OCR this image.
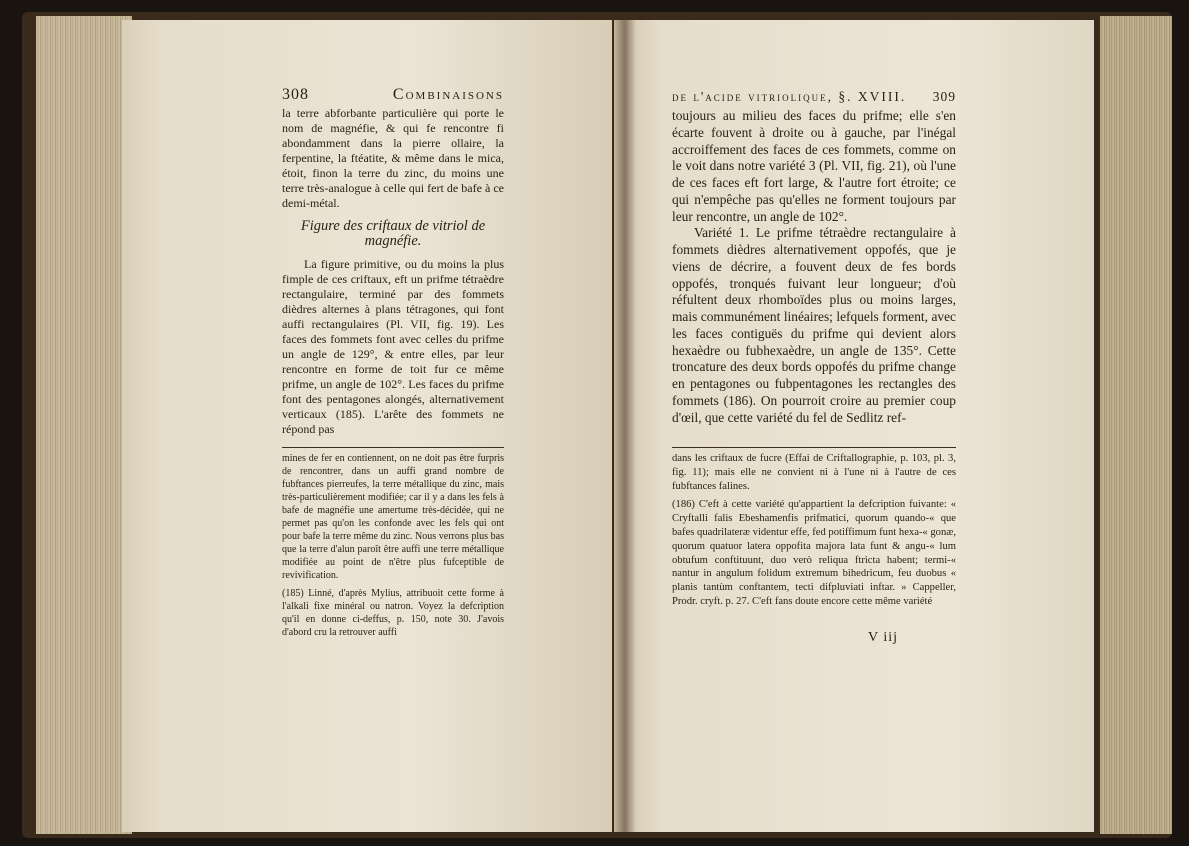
308	Combinaisons

la terre abforbante particulière qui porte le nom de magnéfie, & qui fe rencontre fi abondamment dans la pierre ollaire, la ferpentine, la ftéatite, & même dans le mica, étoit, finon la terre du zinc, du moins une terre très-analogue à celle qui fert de bafe à ce demi-métal.

Figure des criftaux de vitriol de magnéfie.

La figure primitive, ou du moins la plus fimple de ces criftaux, eft un prifme tétraèdre rectangulaire, terminé par des fommets dièdres alternes à plans tétragones, qui font auffi rectangulaires (Pl. VII, fig. 19). Les faces des fommets font avec celles du prifme un angle de 129°, & entre elles, par leur rencontre en forme de toit fur ce même prifme, un angle de 102°. Les faces du prifme font des pentagones alongés, alternativement verticaux (185). L'arête des fommets ne répond pas

mines de fer en contiennent, on ne doit pas être furpris de rencontrer, dans un auffi grand nombre de fubftances pierreufes, la terre métallique du zinc, mais très-particulièrement modifiée; car il y a dans les fels à bafe de magnéfie une amertume très-décidée, qui ne permet pas qu'on les confonde avec les fels qui ont pour bafe la terre même du zinc. Nous verrons plus bas que la terre d'alun paroît être auffi une terre métallique modifiée au point de n'être plus fufceptible de revivification.

(185) Linné, d'après Mylius, attribuoit cette forme à l'alkali fixe minéral ou natron. Voyez la defcription qu'il en donne ci-deffus, p. 150, note 30. J'avois d'abord cru la retrouver auffi

de l'acide vitriolique, §. XVIII. 309

toujours au milieu des faces du prifme; elle s'en écarte fouvent à droite ou à gauche, par l'inégal accroiffement des faces de ces fommets, comme on le voit dans notre variété 3 (Pl. VII, fig. 21), où l'une de ces faces eft fort large, & l'autre fort étroite; ce qui n'empêche pas qu'elles ne forment toujours par leur rencontre, un angle de 102°.

Variété 1. Le prifme tétraèdre rectangulaire à fommets dièdres alternativement oppofés, que je viens de décrire, a fouvent deux de fes bords oppofés, tronqués fuivant leur longueur; d'où réfultent deux rhomboïdes plus ou moins larges, mais communément linéaires; lefquels forment, avec les faces contiguës du prifme qui devient alors hexaèdre ou fubhexaèdre, un angle de 135°. Cette troncature des deux bords oppofés du prifme change en pentagones ou fubpentagones les rectangles des fommets (186). On pourroit croire au premier coup d'œil, que cette variété du fel de Sedlitz ref-

dans les criftaux de fucre (Effai de Criftallographie, p. 103, pl. 3, fig. 11); mais elle ne convient ni à l'une ni à l'autre de ces fubftances falines.

(186) C'eft à cette variété qu'appartient la defcription fuivante: « Cryftalli falis Ebeshamenfis prifmatici, quorum quando-« que bafes quadrilateræ videntur effe, fed potiffimum funt hexa-« gonæ, quorum quatuor latera oppofita majora lata funt & angu-« lum obtufum conftituunt, duo verò reliqua ftricta habent; termi-« nantur in angulum folidum extremum bihedricum, feu duobus « planis tantùm conftantem, tecti difpluviati inftar. » Cappeller, Prodr. cryft. p. 27. C'eft fans doute encore cette même variété

V iij
